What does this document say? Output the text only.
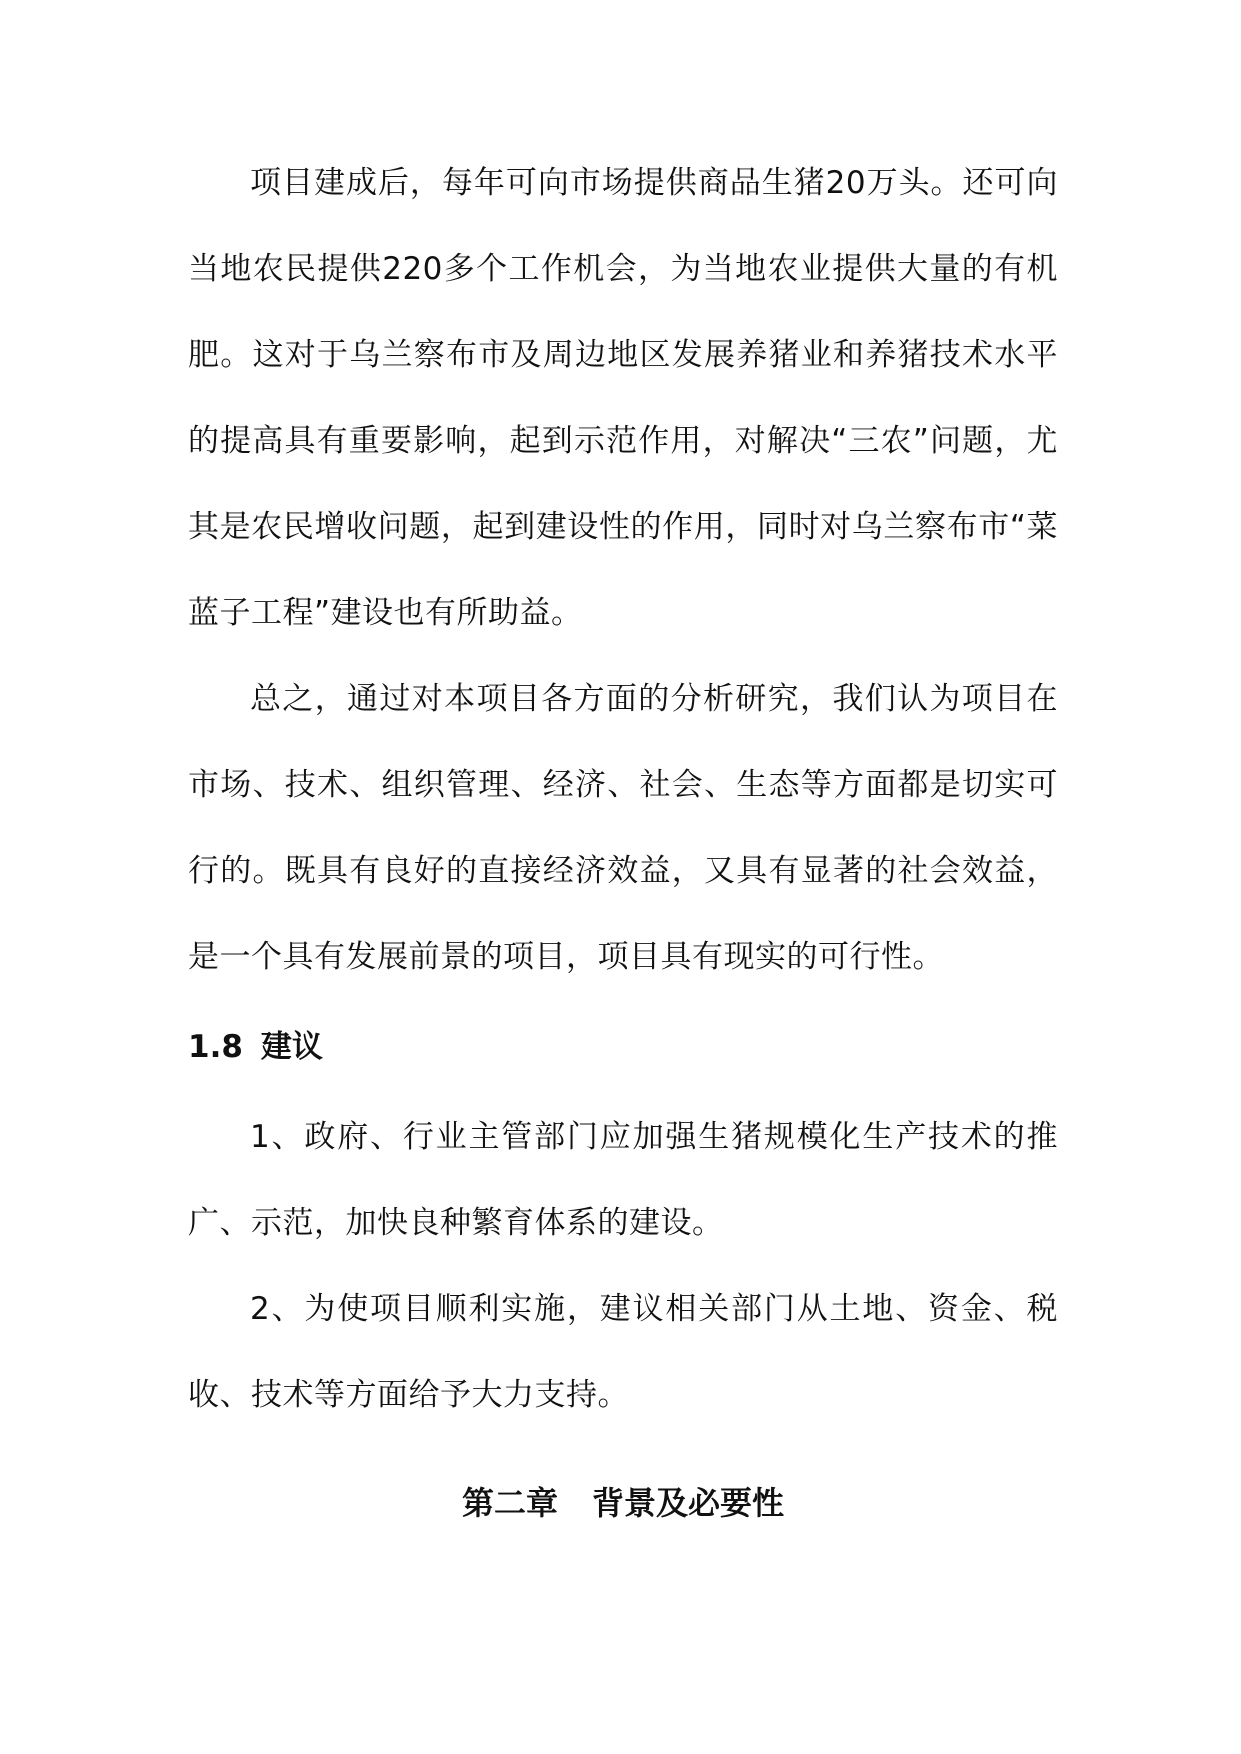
项目建成后，每年可向市场提供商品生猪20万头。还可向当地农民提供220多个工作机会，为当地农业提供大量的有机肥。这对于乌兰察布市及周边地区发展养猪业和养猪技术水平的提高具有重要影响，起到示范作用，对解决“三农”问题，尤其是农民增收问题，起到建设性的作用，同时对乌兰察布市“菜蓝子工程”建设也有所助益。

总之，通过对本项目各方面的分析研究，我们认为项目在市场、技术、组织管理、经济、社会、生态等方面都是切实可行的。既具有良好的直接经济效益，又具有显著的社会效益，是一个具有发展前景的项目，项目具有现实的可行性。

1.8 建议

1、政府、行业主管部门应加强生猪规模化生产技术的推广、示范，加快良种繁育体系的建设。

2、为使项目顺利实施，建议相关部门从土地、资金、税收、技术等方面给予大力支持。

第二章 背景及必要性
